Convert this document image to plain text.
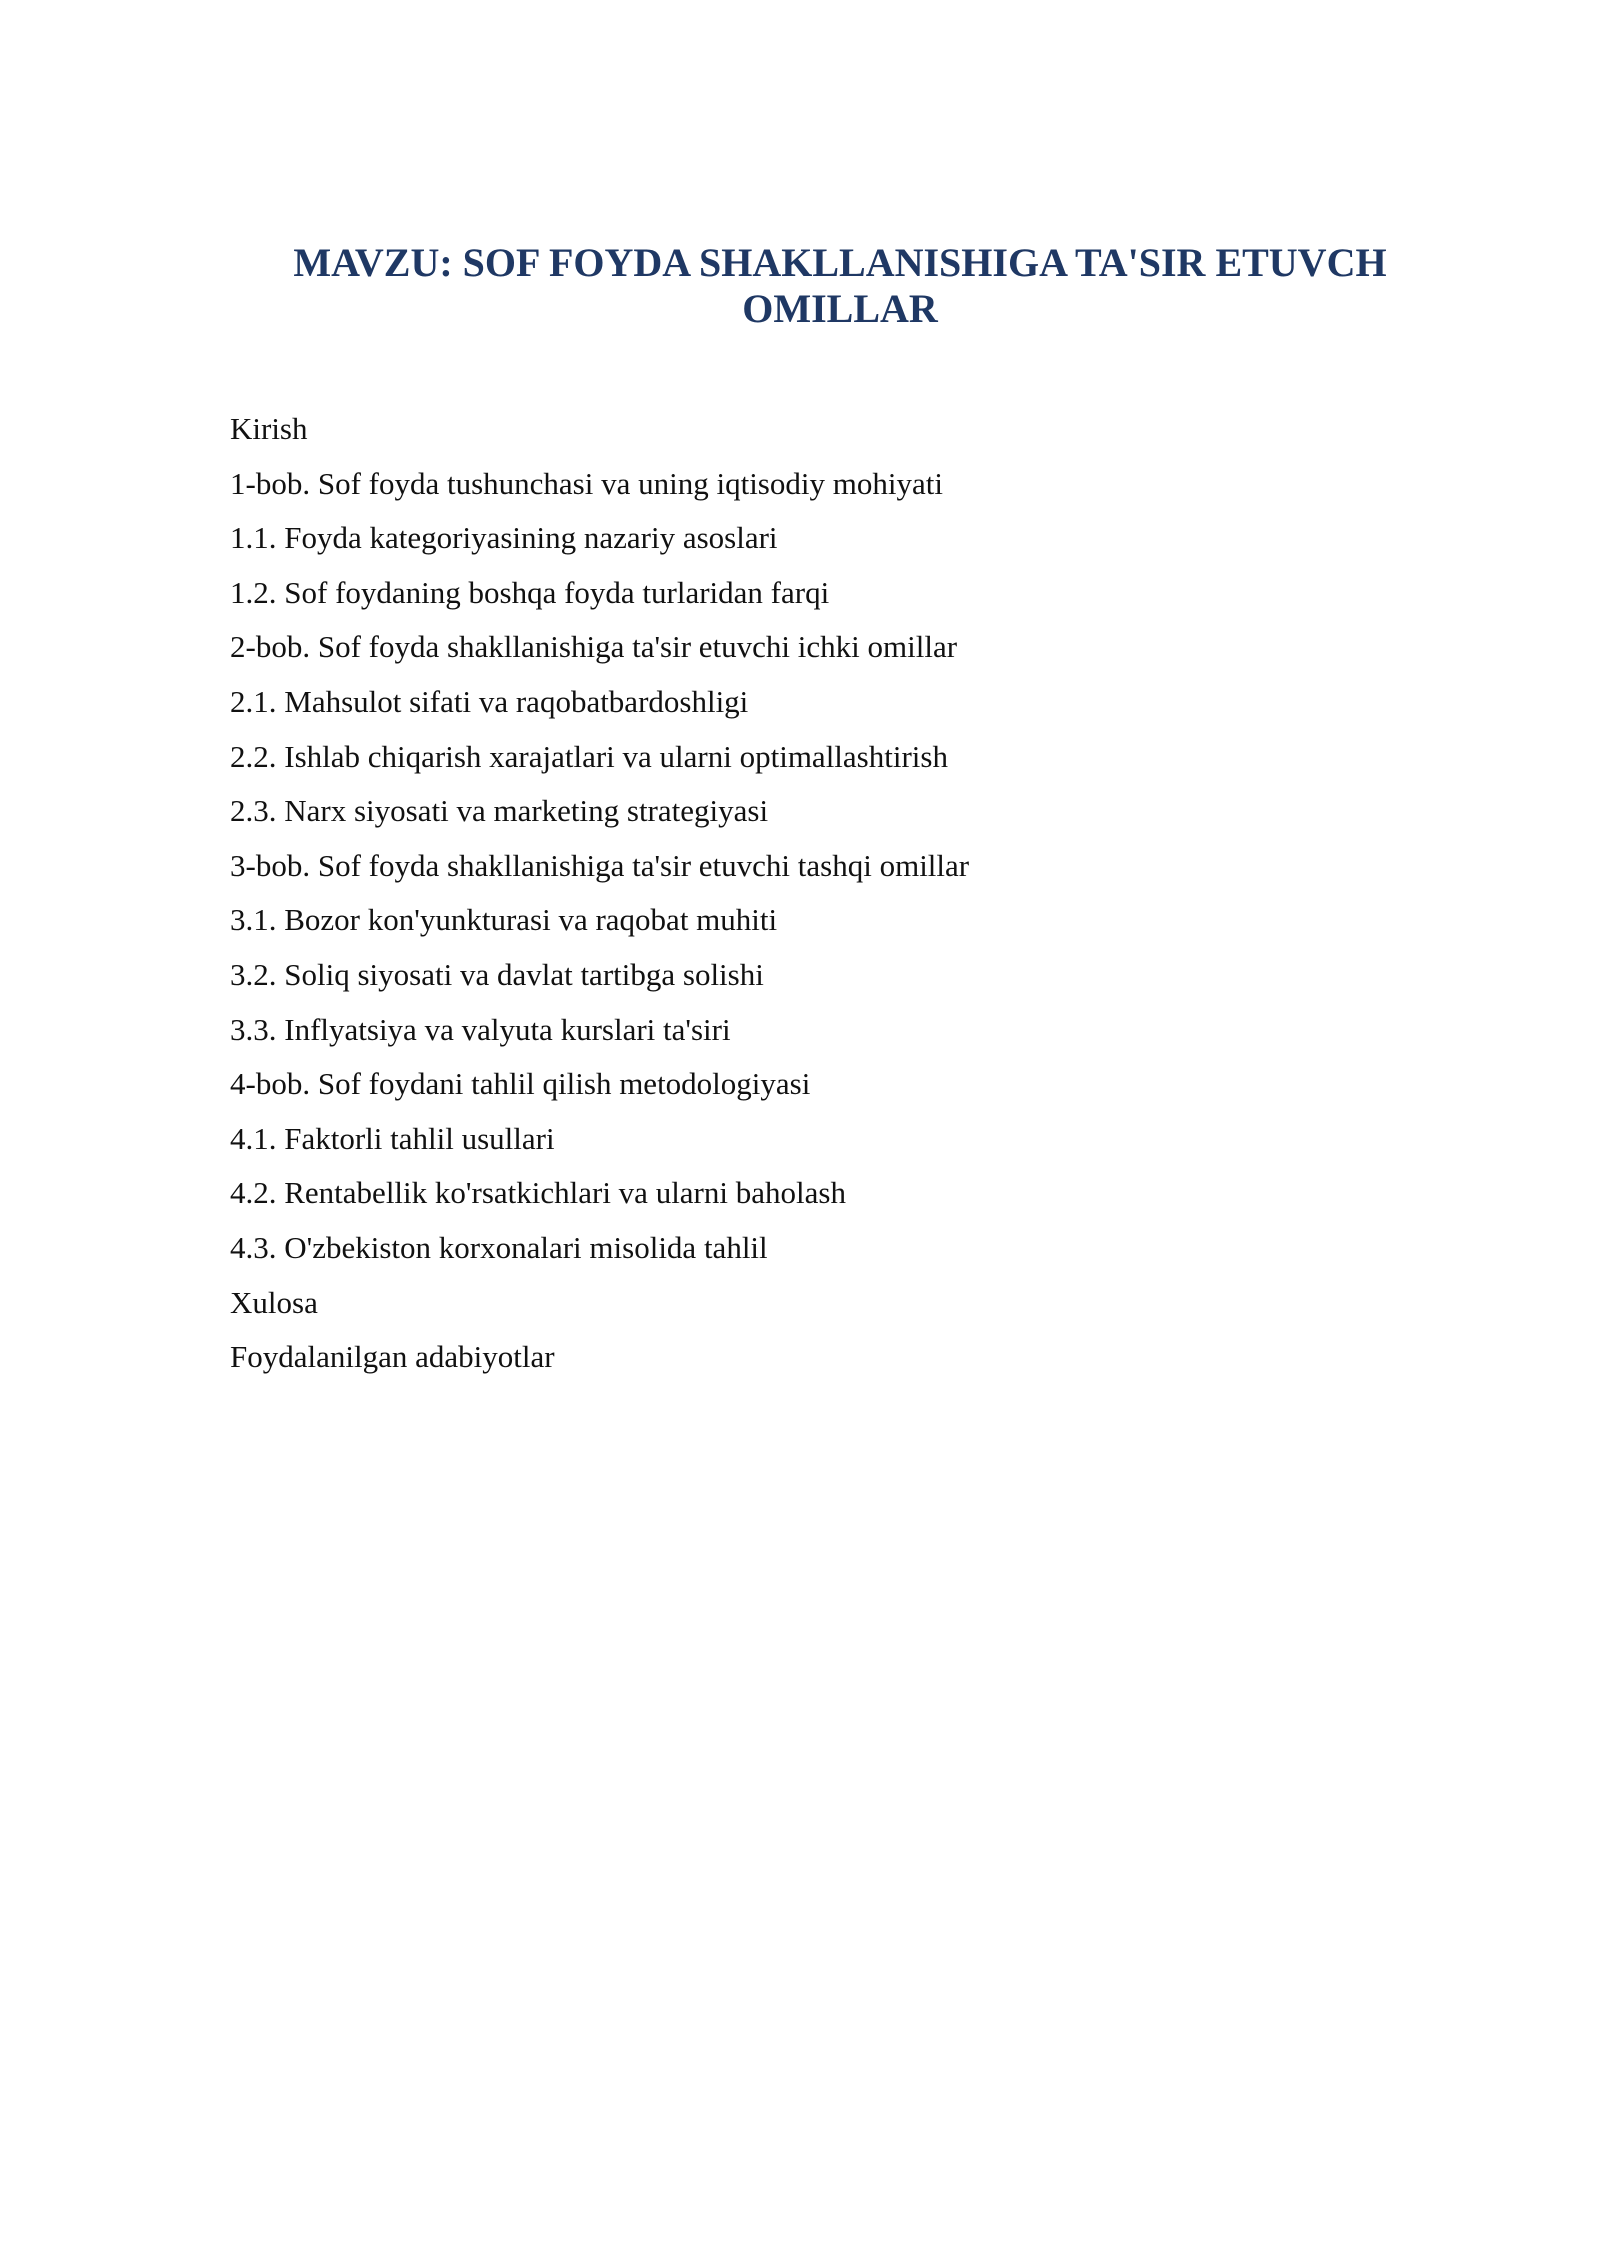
MAVZU: SOF FOYDA SHAKLLANISHIGA TA'SIR ETUVCH OMILLAR
Kirish
1-bob. Sof foyda tushunchasi va uning iqtisodiy mohiyati
1.1. Foyda kategoriyasining nazariy asoslari
1.2. Sof foydaning boshqa foyda turlaridan farqi
2-bob. Sof foyda shakllanishiga ta'sir etuvchi ichki omillar
2.1. Mahsulot sifati va raqobatbardoshligi
2.2. Ishlab chiqarish xarajatlari va ularni optimallashtirish
2.3. Narx siyosati va marketing strategiyasi
3-bob. Sof foyda shakllanishiga ta'sir etuvchi tashqi omillar
3.1. Bozor kon'yunkturasi va raqobat muhiti
3.2. Soliq siyosati va davlat tartibga solishi
3.3. Inflyatsiya va valyuta kurslari ta'siri
4-bob. Sof foydani tahlil qilish metodologiyasi
4.1. Faktorli tahlil usullari
4.2. Rentabellik ko'rsatkichlari va ularni baholash
4.3. O'zbekiston korxonalari misolida tahlil
Xulosa
Foydalanilgan adabiyotlar
